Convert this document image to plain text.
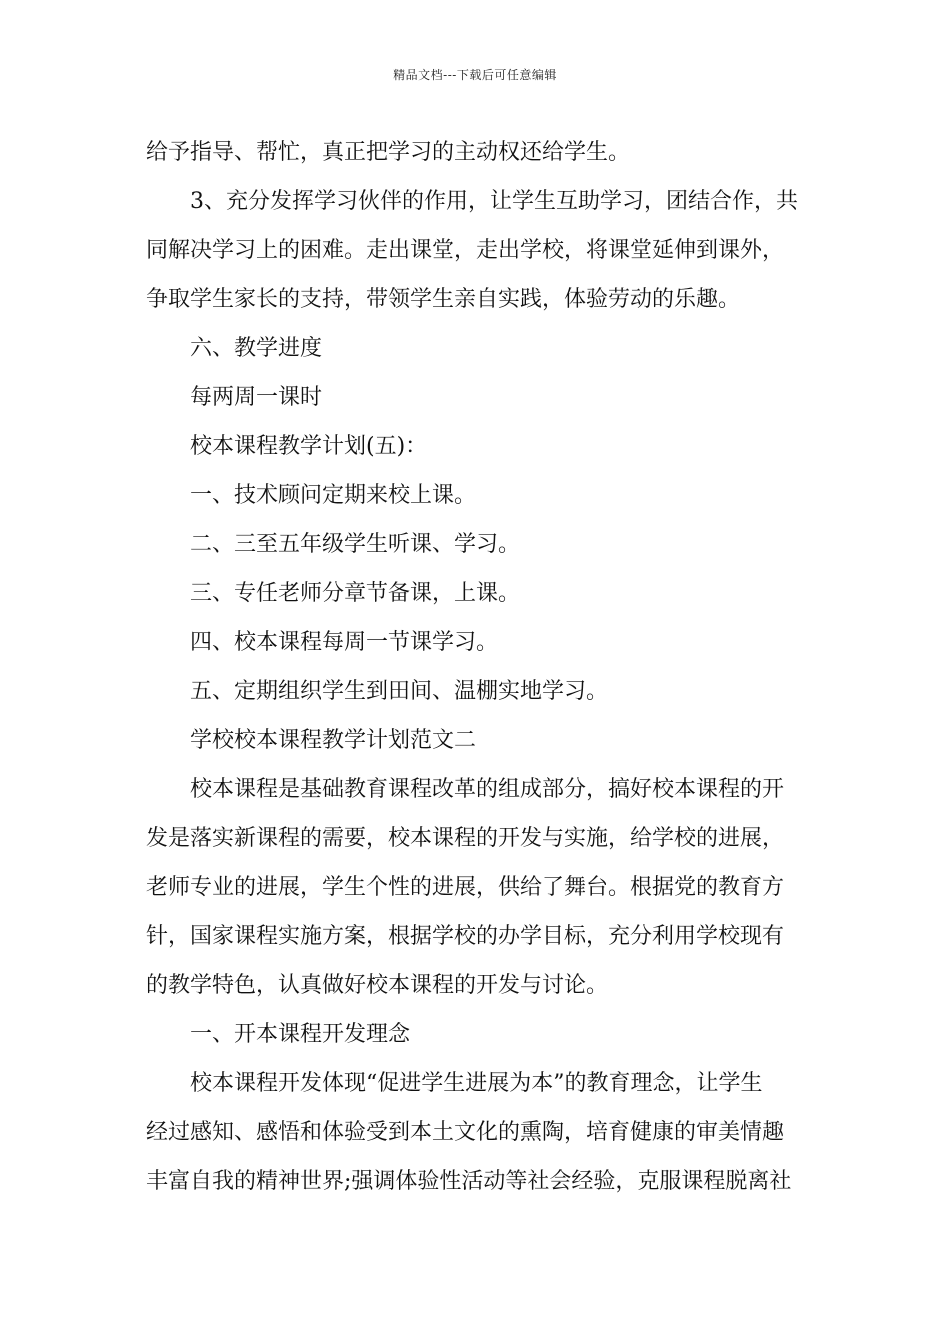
精品文档---下载后可任意编辑
给予指导、帮忙，真正把学习的主动权还给学生。
3、充分发挥学习伙伴的作用，让学生互助学习，团结合作，共
同解决学习上的困难。走出课堂，走出学校，将课堂延伸到课外，
争取学生家长的支持，带领学生亲自实践，体验劳动的乐趣。
六、教学进度
每两周一课时
校本课程教学计划(五)：
一、技术顾问定期来校上课。
二、三至五年级学生听课、学习。
三、专任老师分章节备课，上课。
四、校本课程每周一节课学习。
五、定期组织学生到田间、温棚实地学习。
学校校本课程教学计划范文二
校本课程是基础教育课程改革的组成部分，搞好校本课程的开
发是落实新课程的需要，校本课程的开发与实施，给学校的进展，
老师专业的进展，学生个性的进展，供给了舞台。根据党的教育方
针，国家课程实施方案，根据学校的办学目标，充分利用学校现有
的教学特色，认真做好校本课程的开发与讨论。
一、开本课程开发理念
校本课程开发体现“促进学生进展为本”的教育理念，让学生
经过感知、感悟和体验受到本土文化的熏陶，培育健康的审美情趣
丰富自我的精神世界;强调体验性活动等社会经验，克服课程脱离社
